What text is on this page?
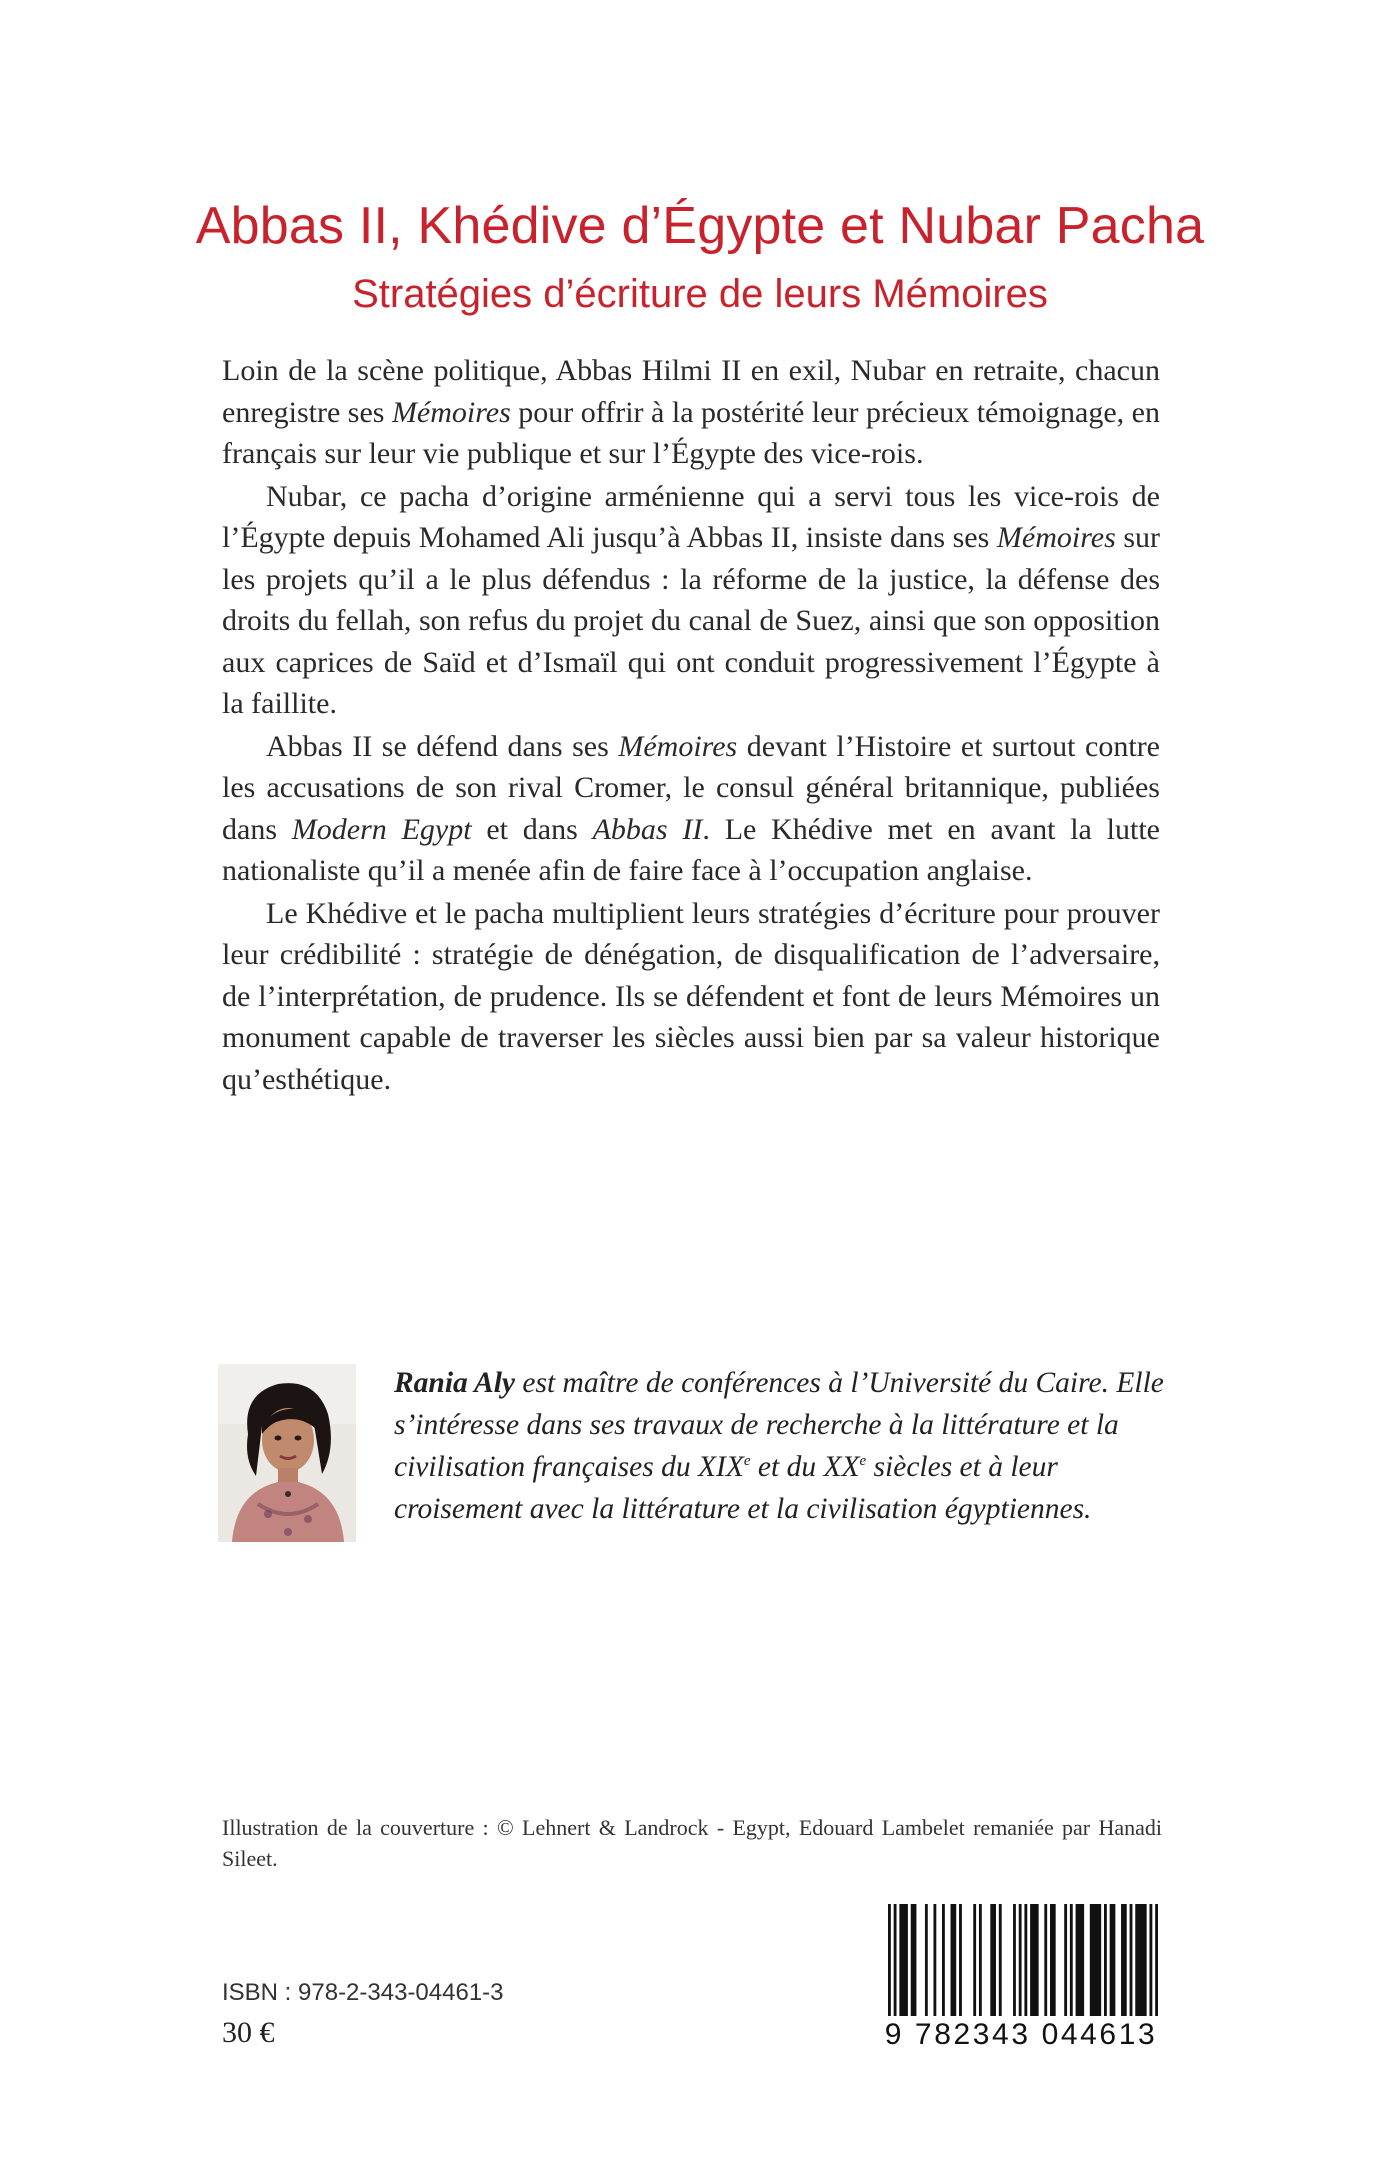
Abbas II, Khédive d’Égypte et Nubar Pacha
Stratégies d’écriture de leurs Mémoires

Loin de la scène politique, Abbas Hilmi II en exil, Nubar en retraite, chacun enregistre ses Mémoires pour offrir à la postérité leur précieux témoignage, en français sur leur vie publique et sur l’Égypte des vice-rois.

Nubar, ce pacha d’origine arménienne qui a servi tous les vice-rois de l’Égypte depuis Mohamed Ali jusqu’à Abbas II, insiste dans ses Mémoires sur les projets qu’il a le plus défendus : la réforme de la justice, la défense des droits du fellah, son refus du projet du canal de Suez, ainsi que son opposition aux caprices de Saïd et d’Ismaïl qui ont conduit progressivement l’Égypte à la faillite.

Abbas II se défend dans ses Mémoires devant l’Histoire et surtout contre les accusations de son rival Cromer, le consul général britannique, publiées dans Modern Egypt et dans Abbas II. Le Khédive met en avant la lutte nationaliste qu’il a menée afin de faire face à l’occupation anglaise.

Le Khédive et le pacha multiplient leurs stratégies d’écriture pour prouver leur crédibilité : stratégie de dénégation, de disqualification de l’adversaire, de l’interprétation, de prudence. Ils se défendent et font de leurs Mémoires un monument capable de traverser les siècles aussi bien par sa valeur historique qu’esthétique.

Rania Aly est maître de conférences à l’Université du Caire. Elle s’intéresse dans ses travaux de recherche à la littérature et la civilisation françaises du XIXe et du XXe siècles et à leur croisement avec la littérature et la civilisation égyptiennes.
Illustration de la couverture : © Lehnert & Landrock - Egypt, Edouard Lambelet remaniée par Hanadi Sileet.
ISBN : 978-2-343-04461-3
30 €	9 782343 044613
